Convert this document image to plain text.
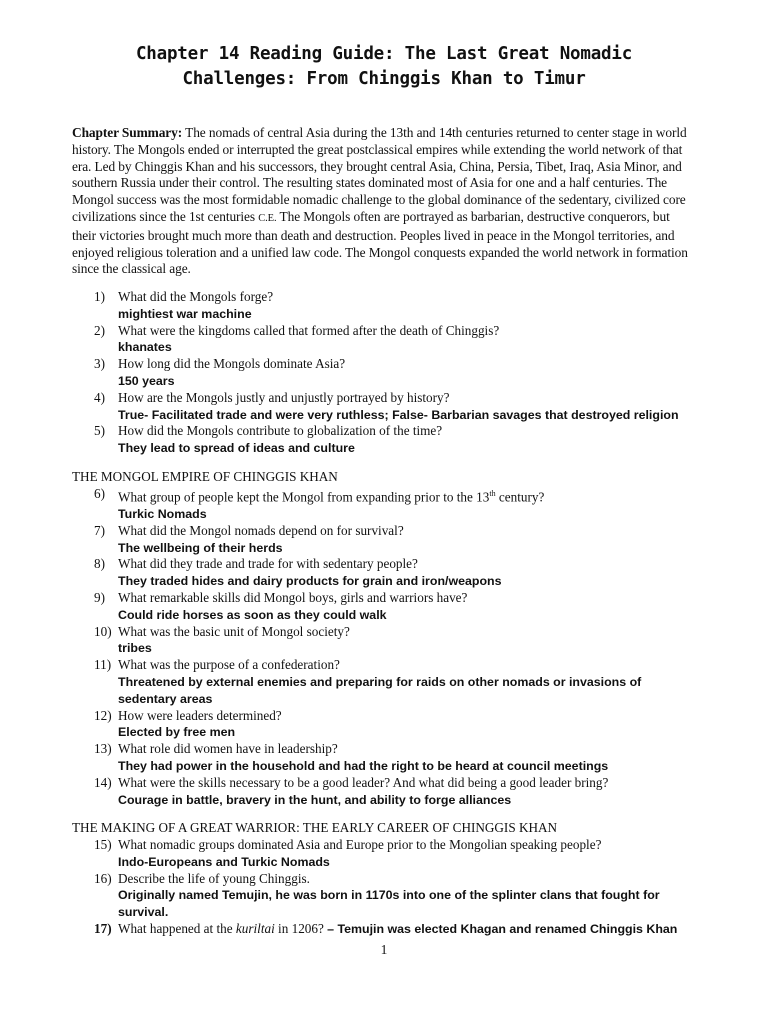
Chapter 14 Reading Guide: The Last Great Nomadic
Challenges: From Chinggis Khan to Timur
Chapter Summary: The nomads of central Asia during the 13th and 14th centuries returned to center stage in world history. The Mongols ended or interrupted the great postclassical empires while extending the world network of that era. Led by Chinggis Khan and his successors, they brought central Asia, China, Persia, Tibet, Iraq, Asia Minor, and southern Russia under their control. The resulting states dominated most of Asia for one and a half centuries. The Mongol success was the most formidable nomadic challenge to the global dominance of the sedentary, civilized core civilizations since the 1st centuries C.E. The Mongols often are portrayed as barbarian, destructive conquerors, but their victories brought much more than death and destruction. Peoples lived in peace in the Mongol territories, and enjoyed religious toleration and a unified law code. The Mongol conquests expanded the world network in formation since the classical age.
1) What did the Mongols forge?
mightiest war machine
2) What were the kingdoms called that formed after the death of Chinggis?
khanates
3) How long did the Mongols dominate Asia?
150 years
4) How are the Mongols justly and unjustly portrayed by history?
True- Facilitated trade and were very ruthless; False- Barbarian savages that destroyed religion
5) How did the Mongols contribute to globalization of the time?
They lead to spread of ideas and culture
THE MONGOL EMPIRE OF CHINGGIS KHAN
6) What group of people kept the Mongol from expanding prior to the 13th century?
Turkic Nomads
7) What did the Mongol nomads depend on for survival?
The wellbeing of their herds
8) What did they trade and trade for with sedentary people?
They traded hides and dairy products for grain and iron/weapons
9) What remarkable skills did Mongol boys, girls and warriors have?
Could ride horses as soon as they could walk
10) What was the basic unit of Mongol society?
tribes
11) What was the purpose of a confederation?
Threatened by external enemies and preparing for raids on other nomads or invasions of sedentary areas
12) How were leaders determined?
Elected by free men
13) What role did women have in leadership?
They had power in the household and had the right to be heard at council meetings
14) What were the skills necessary to be a good leader? And what did being a good leader bring?
Courage in battle, bravery in the hunt, and ability to forge alliances
THE MAKING OF A GREAT WARRIOR: THE EARLY CAREER OF CHINGGIS KHAN
15) What nomadic groups dominated Asia and Europe prior to the Mongolian speaking people?
Indo-Europeans and Turkic Nomads
16) Describe the life of young Chinggis.
Originally named Temujin, he was born in 1170s into one of the splinter clans that fought for survival.
17) What happened at the kuriltai in 1206? – Temujin was elected Khagan and renamed Chinggis Khan
1
